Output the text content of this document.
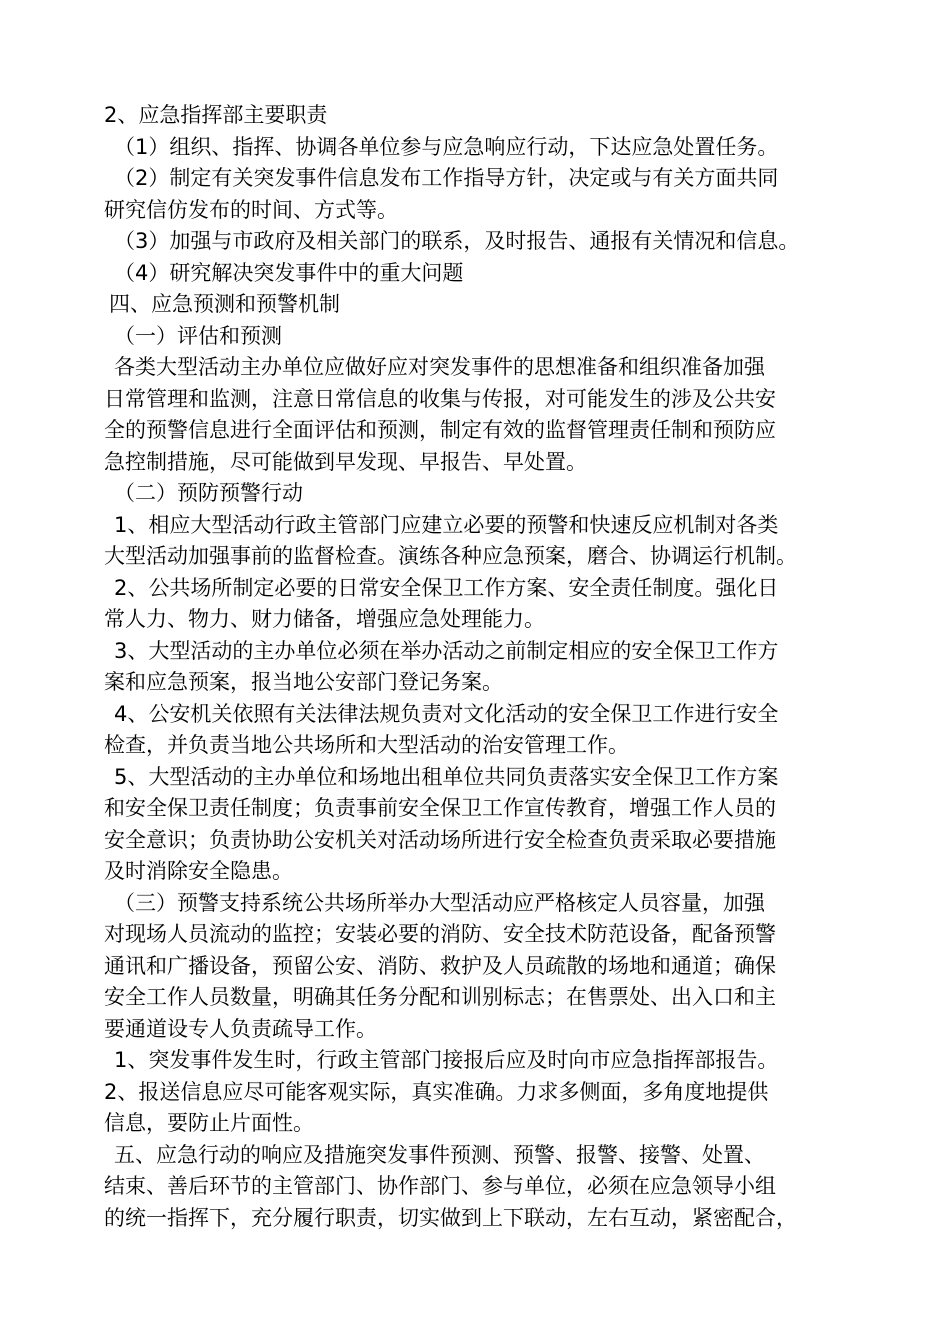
2、应急指挥部主要职责
（1）组织、指挥、协调各单位参与应急响应行动，下达应急处置任务。
（2）制定有关突发事件信息发布工作指导方针，决定或与有关方面共同
研究信仿发布的时间、方式等。
（3）加强与市政府及相关部门的联系，及时报告、通报有关情况和信息。
（4）研究解决突发事件中的重大问题
四、应急预测和预警机制
（一）评估和预测
各类大型活动主办单位应做好应对突发事件的思想准备和组织准备加强
日常管理和监测，注意日常信息的收集与传报，对可能发生的涉及公共安
全的预警信息进行全面评估和预测，制定有效的监督管理责任制和预防应
急控制措施，尽可能做到早发现、早报告、早处置。
（二）预防预警行动
1、相应大型活动行政主管部门应建立必要的预警和快速反应机制对各类
大型活动加强事前的监督检查。演练各种应急预案，磨合、协调运行机制。
2、公共场所制定必要的日常安全保卫工作方案、安全责任制度。强化日
常人力、物力、财力储备，增强应急处理能力。
3、大型活动的主办单位必须在举办活动之前制定相应的安全保卫工作方
案和应急预案，报当地公安部门登记务案。
4、公安机关依照有关法律法规负责对文化活动的安全保卫工作进行安全
检查，并负责当地公共场所和大型活动的治安管理工作。
5、大型活动的主办单位和场地出租单位共同负责落实安全保卫工作方案
和安全保卫责任制度；负责事前安全保卫工作宣传教育，增强工作人员的
安全意识；负责协助公安机关对活动场所进行安全检查负责采取必要措施
及时消除安全隐患。
（三）预警支持系统公共场所举办大型活动应严格核定人员容量，加强
对现场人员流动的监控；安装必要的消防、安全技术防范设备，配备预警
通讯和广播设备，预留公安、消防、救护及人员疏散的场地和通道；确保
安全工作人员数量，明确其任务分配和训别标志；在售票处、出入口和主
要通道设专人负责疏导工作。
1、突发事件发生时，行政主管部门接报后应及时向市应急指挥部报告。
2、报送信息应尽可能客观实际，真实准确。力求多侧面，多角度地提供
信息，要防止片面性。
五、应急行动的响应及措施突发事件预测、预警、报警、接警、处置、
结束、善后环节的主管部门、协作部门、参与单位，必须在应急领导小组
的统一指挥下，充分履行职责，切实做到上下联动，左右互动，紧密配合，
